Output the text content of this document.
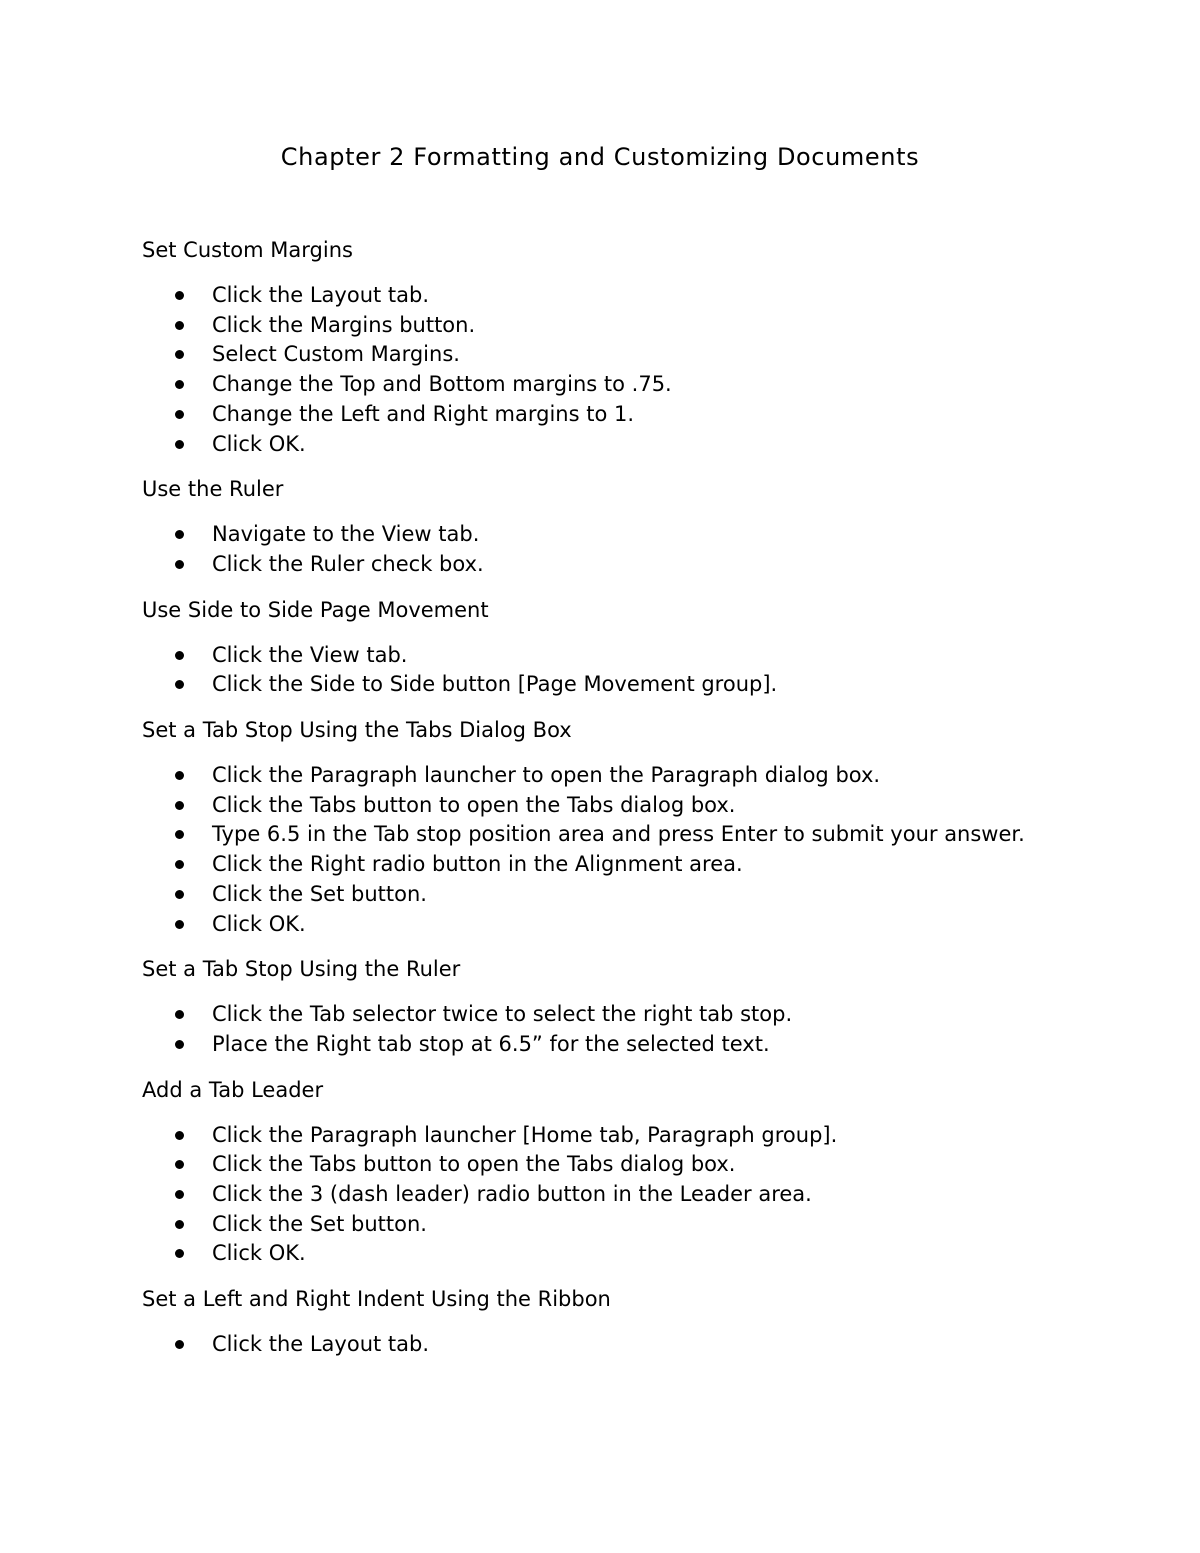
Chapter 2 Formatting and Customizing Documents
Set Custom Margins
Click the Layout tab.
Click the Margins button.
Select Custom Margins.
Change the Top and Bottom margins to .75.
Change the Left and Right margins to 1.
Click OK.
Use the Ruler
Navigate to the View tab.
Click the Ruler check box.
Use Side to Side Page Movement
Click the View tab.
Click the Side to Side button [Page Movement group].
Set a Tab Stop Using the Tabs Dialog Box
Click the Paragraph launcher to open the Paragraph dialog box.
Click the Tabs button to open the Tabs dialog box.
Type 6.5 in the Tab stop position area and press Enter to submit your answer.
Click the Right radio button in the Alignment area.
Click the Set button.
Click OK.
Set a Tab Stop Using the Ruler
Click the Tab selector twice to select the right tab stop.
Place the Right tab stop at 6.5” for the selected text.
Add a Tab Leader
Click the Paragraph launcher [Home tab, Paragraph group].
Click the Tabs button to open the Tabs dialog box.
Click the 3 (dash leader) radio button in the Leader area.
Click the Set button.
Click OK.
Set a Left and Right Indent Using the Ribbon
Click the Layout tab.
